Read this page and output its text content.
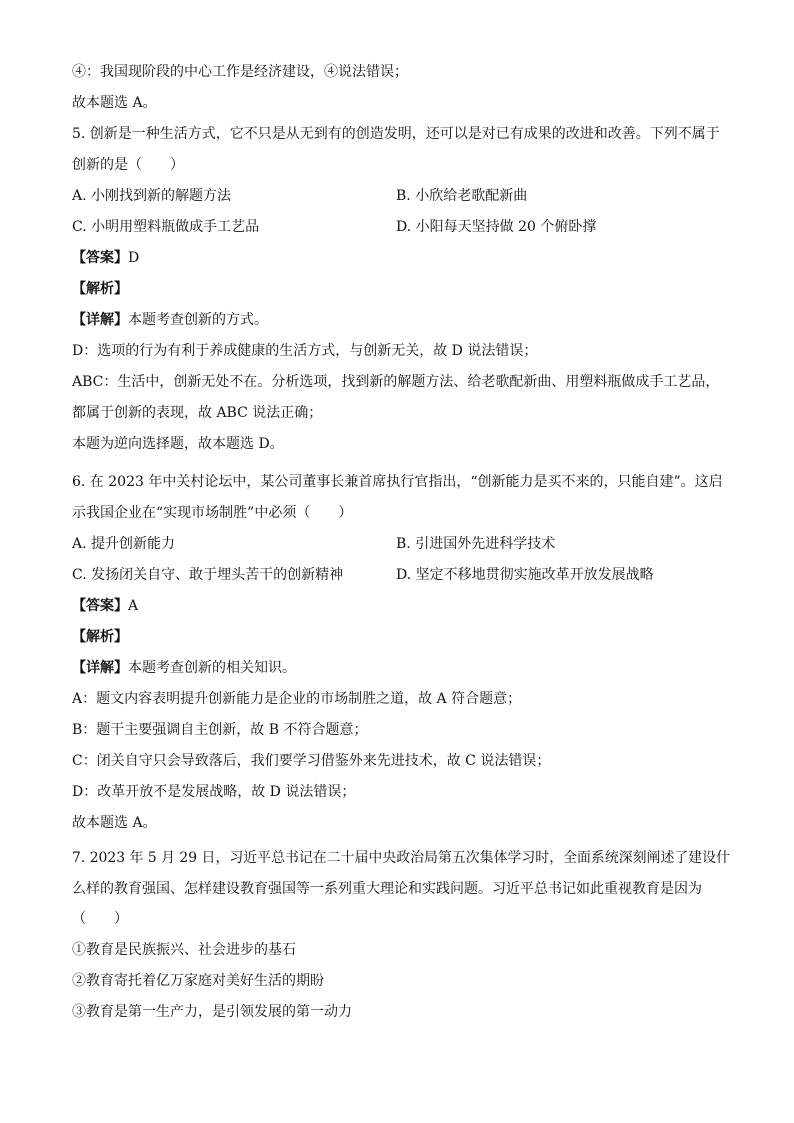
④：我国现阶段的中心工作是经济建设，④说法错误；
故本题选 A。
5. 创新是一种生活方式，它不只是从无到有的创造发明，还可以是对已有成果的改进和改善。下列不属于
创新的是（　　）
A. 小刚找到新的解题方法	B. 小欣给老歌配新曲
C. 小明用塑料瓶做成手工艺品	D. 小阳每天坚持做 20 个俯卧撑
【答案】D
【解析】
【详解】本题考查创新的方式。
D：选项的行为有利于养成健康的生活方式，与创新无关，故 D 说法错误；
ABC：生活中，创新无处不在。分析选项，找到新的解题方法、给老歌配新曲、用塑料瓶做成手工艺品，
都属于创新的表现，故 ABC 说法正确；
本题为逆向选择题，故本题选 D。
6. 在 2023 年中关村论坛中，某公司董事长兼首席执行官指出，“创新能力是买不来的，只能自建”。这启
示我国企业在“实现市场制胜”中必须（　　）
A. 提升创新能力	B. 引进国外先进科学技术
C. 发扬闭关自守、敢于埋头苦干的创新精神	D. 坚定不移地贯彻实施改革开放发展战略
【答案】A
【解析】
【详解】本题考查创新的相关知识。
A：题文内容表明提升创新能力是企业的市场制胜之道，故 A 符合题意；
B：题干主要强调自主创新，故 B 不符合题意；
C：闭关自守只会导致落后，我们要学习借鉴外来先进技术，故 C 说法错误；
D：改革开放不是发展战略，故 D 说法错误；
故本题选 A。
7. 2023 年 5 月 29 日，习近平总书记在二十届中央政治局第五次集体学习时，全面系统深刻阐述了建设什
么样的教育强国、怎样建设教育强国等一系列重大理论和实践问题。习近平总书记如此重视教育是因为
（　　）
①教育是民族振兴、社会进步的基石
②教育寄托着亿万家庭对美好生活的期盼
③教育是第一生产力，是引领发展的第一动力
